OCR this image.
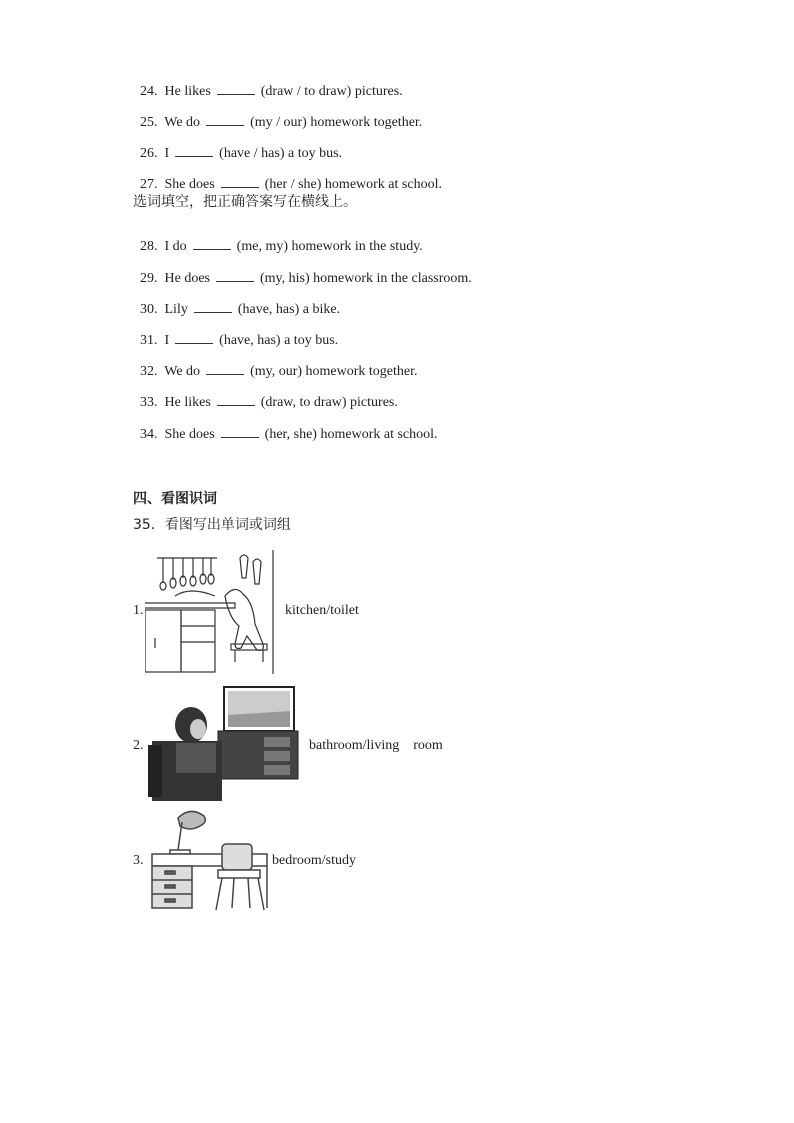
24. He likes	(draw / to draw) pictures.

25. We do	(my / our) homework together.

26. I	(have / has) a toy bus.

27. She does	(her / she) homework at school.

选词填空，把正确答案写在横线上。

28. I do	(me, my) homework in the study.

29. He does	(my, his) homework in the classroom.

30. Lily	(have, has) a bike.

31. I	(have, has) a toy bus.

32. We do	(my, our) homework together.

33. He likes	(draw, to draw) pictures.

34. She does	(her, she) homework at school.

四、看图识词
35．看图写出单词或词组
1.	kitchen/toilet
2.	bathroom/living    room
3.	bedroom/study
